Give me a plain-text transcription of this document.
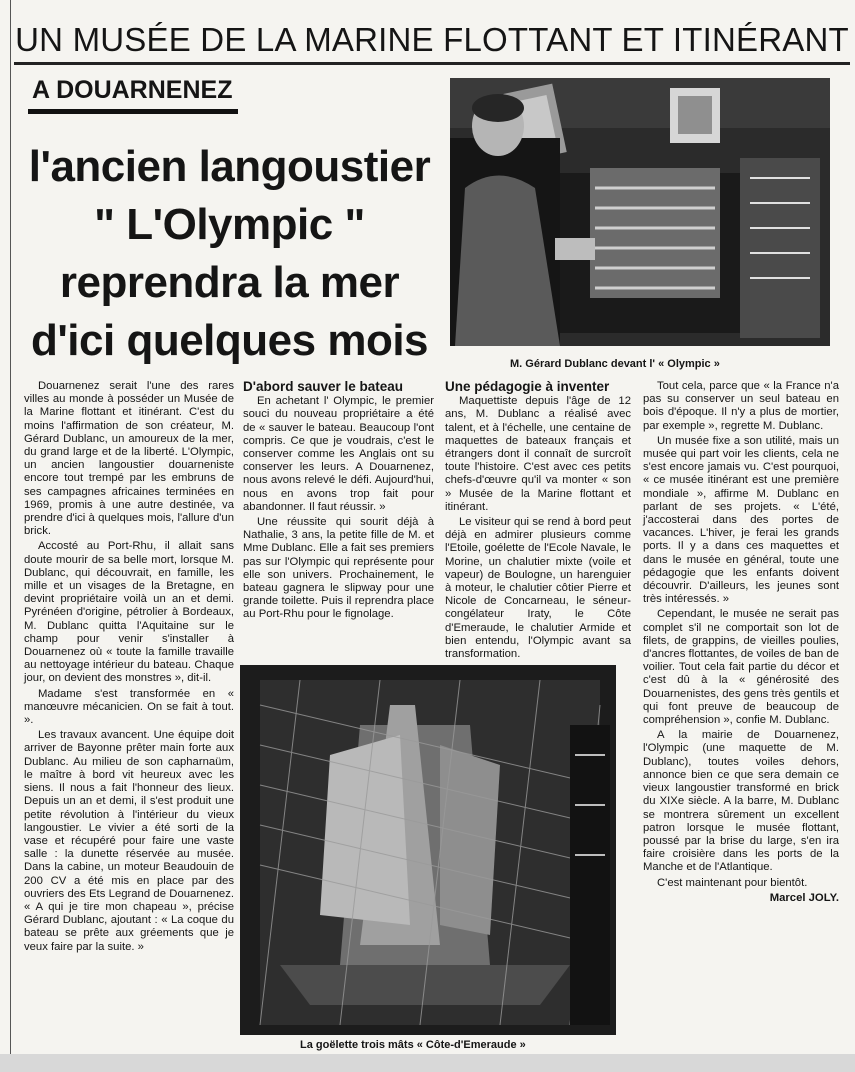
UN MUSÉE DE LA MARINE FLOTTANT ET ITINÉRANT
A DOUARNENEZ
l'ancien langoustier
" L'Olympic "
reprendra la mer
d'ici quelques mois	M. Gérard Dublanc devant l' « Olympic »

Douarnenez serait l'une des rares villes au monde à posséder un Musée de la Marine flottant et itinérant. C'est du moins l'affirmation de son créateur, M. Gérard Dublanc, un amoureux de la mer, du grand large et de la liberté. L'Olympic, un ancien langoustier douarneniste encore tout trempé par les embruns de ses campagnes africaines terminées en 1969, promis à une autre destinée, va prendre d'ici à quelques mois, l'allure d'un brick.

Accosté au Port-Rhu, il allait sans doute mourir de sa belle mort, lorsque M. Dublanc, qui découvrait, en famille, les mille et un visages de la Bretagne, en devint propriétaire voilà un an et demi. Pyrénéen d'origine, pétrolier à Bordeaux, M. Dublanc quitta l'Aquitaine sur le champ pour venir s'installer à Douarnenez où « toute la famille travaille au nettoyage intérieur du bateau. Chaque jour, on devient des monstres », dit-il.

Madame s'est transformée en « manœuvre mécanicien. On se fait à tout. ».

Les travaux avancent. Une équipe doit arriver de Bayonne prêter main forte aux Dublanc. Au milieu de son capharnaüm, le maître à bord vit heureux avec les siens. Il nous a fait l'honneur des lieux. Depuis un an et demi, il s'est produit une petite révolution à l'intérieur du vieux langoustier. Le vivier a été sorti de la vase et récupéré pour faire une vaste salle : la dunette réservée au musée. Dans la cabine, un moteur Beaudouin de 200 CV a été mis en place par des ouvriers des Ets Legrand de Douarnenez. « A qui je tire mon chapeau », précise Gérard Dublanc, ajoutant : « La coque du bateau se prête aux gréements que je veux faire par la suite. »

D'abord sauver le bateau

En achetant l' Olympic, le premier souci du nouveau propriétaire a été de « sauver le bateau. Beaucoup l'ont compris. Ce que je voudrais, c'est le conserver comme les Anglais ont su conserver les leurs. A Douarnenez, nous avons relevé le défi. Aujourd'hui, nous en avons trop fait pour abandonner. Il faut réussir. »

Une réussite qui sourit déjà à Nathalie, 3 ans, la petite fille de M. et Mme Dublanc. Elle a fait ses premiers pas sur l'Olympic qui représente pour elle son univers. Prochainement, le bateau gagnera le slipway pour une grande toilette. Puis il reprendra place au Port-Rhu pour le fignolage.

Une pédagogie à inventer

Maquettiste depuis l'âge de 12 ans, M. Dublanc a réalisé avec talent, et à l'échelle, une centaine de maquettes de bateaux français et étrangers dont il connaît de surcroît toute l'histoire. C'est avec ces petits chefs-d'œuvre qu'il va monter « son » Musée de la Marine flottant et itinérant.

Le visiteur qui se rend à bord peut déjà en admirer plusieurs comme l'Etoile, goélette de l'Ecole Navale, le Morine, un chalutier mixte (voile et vapeur) de Boulogne, un harenguier à moteur, le chalutier côtier Pierre et Nicole de Concarneau, le séneur-congélateur Iraty, le Côte d'Emeraude, le chalutier Armide et bien entendu, l'Olympic avant sa transformation.

Tout cela, parce que « la France n'a pas su conserver un seul bateau en bois d'époque. Il n'y a plus de mortier, par exemple », regrette M. Dublanc.

Un musée fixe a son utilité, mais un musée qui part voir les clients, cela ne s'est encore jamais vu. C'est pourquoi, « ce musée itinérant est une première mondiale », affirme M. Dublanc en parlant de ses projets. « L'été, j'accosterai dans des portes de vacances. L'hiver, je ferai les grands ports. Il y a dans ces maquettes et dans le musée en général, toute une pédagogie que les enfants doivent découvrir. D'ailleurs, les jeunes sont très intéressés. »

Cependant, le musée ne serait pas complet s'il ne comportait son lot de filets, de grappins, de vieilles poulies, d'ancres flottantes, de voiles de ban de voilier. Tout cela fait partie du décor et c'est dû à la « générosité des Douarnenistes, des gens très gentils et qui font preuve de beaucoup de compréhension », confie M. Dublanc.

A la mairie de Douarnenez, l'Olympic (une maquette de M. Dublanc), toutes voiles dehors, annonce bien ce que sera demain ce vieux langoustier transformé en brick du XIXe siècle. A la barre, M. Dublanc se montrera sûrement un excellent patron lorsque le musée flottant, poussé par la brise du large, s'en ira faire croisière dans les ports de la Manche et de l'Atlantique.

C'est maintenant pour bientôt.

Marcel JOLY.

La goëlette trois mâts « Côte-d'Emeraude »
